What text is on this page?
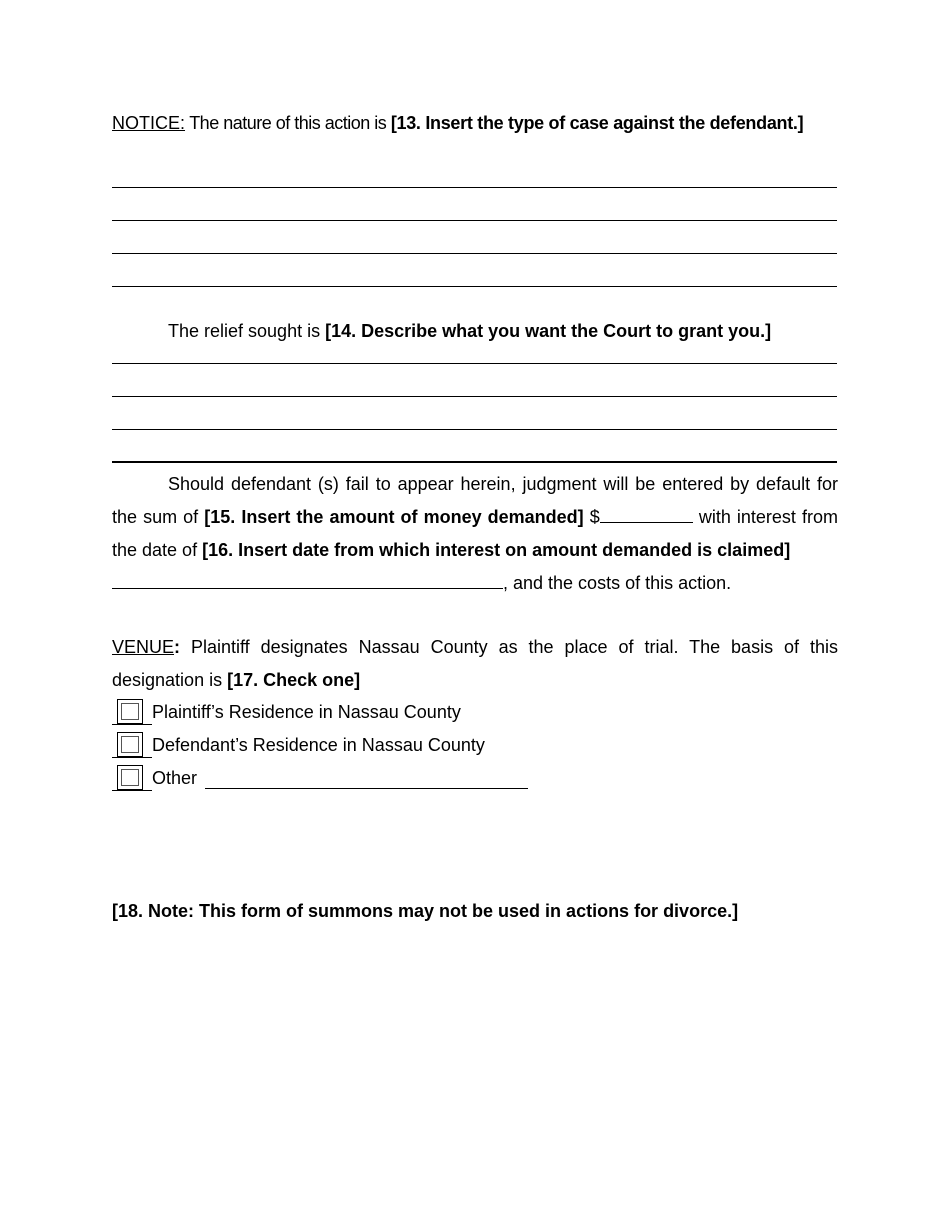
NOTICE: The nature of this action is [13. Insert the type of case against the defendant.]
The relief sought is [14. Describe what you want the Court to grant you.]
Should defendant (s) fail to appear herein, judgment will be entered by default for the sum of [15. Insert the amount of money demanded] $	with interest from the date of [16. Insert date from which interest on amount demanded is claimed]
, and the costs of this action.
VENUE: Plaintiff designates Nassau County as the place of trial. The basis of this designation is [17. Check one]
Plaintiff’s Residence in Nassau County
Defendant’s Residence in Nassau County
Other
[18. Note: This form of summons may not be used in actions for divorce.]
